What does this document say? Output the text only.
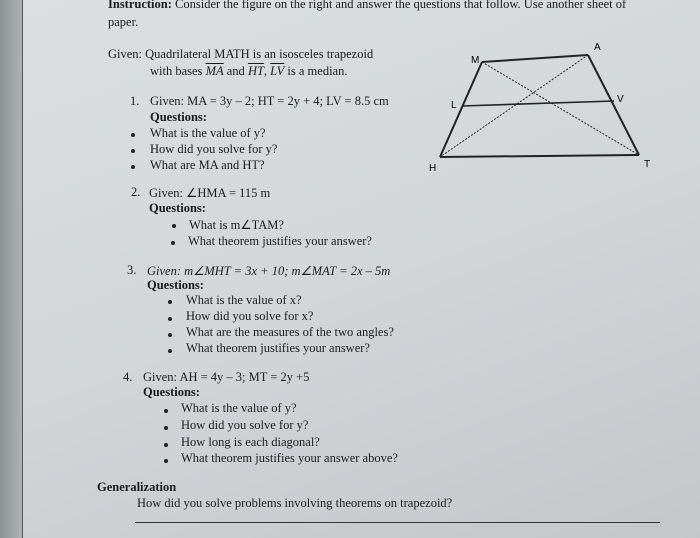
Instruction: Consider the figure on the right and answer the questions that follow. Use another sheet of
paper.
Given: Quadrilateral MATH is an isosceles trapezoid
with bases $\overline{MA}$ and $\overline{HT}$, $\overline{LV}$ is a median.
M
A
L
V
H	T
1. Given: MA = 3y – 2; HT = 2y + 4; LV = 8.5 cm
Questions:
What is the value of y?
How did you solve for y?
What are MA and HT?
2. Given: ∠HMA = 115 m
Questions:
What is m∠TAM?
What theorem justifies your answer?
3. Given: m∠MHT = 3x + 10; m∠MAT = 2x – 5m
Questions:
What is the value of x?
How did you solve for x?
What are the measures of the two angles?
What theorem justifies your answer?
4. Given: AH = 4y – 3; MT = 2y +5
Questions:
What is the value of y?
How did you solve for y?
How long is each diagonal?
What theorem justifies your answer above?
Generalization
How did you solve problems involving theorems on trapezoid?
